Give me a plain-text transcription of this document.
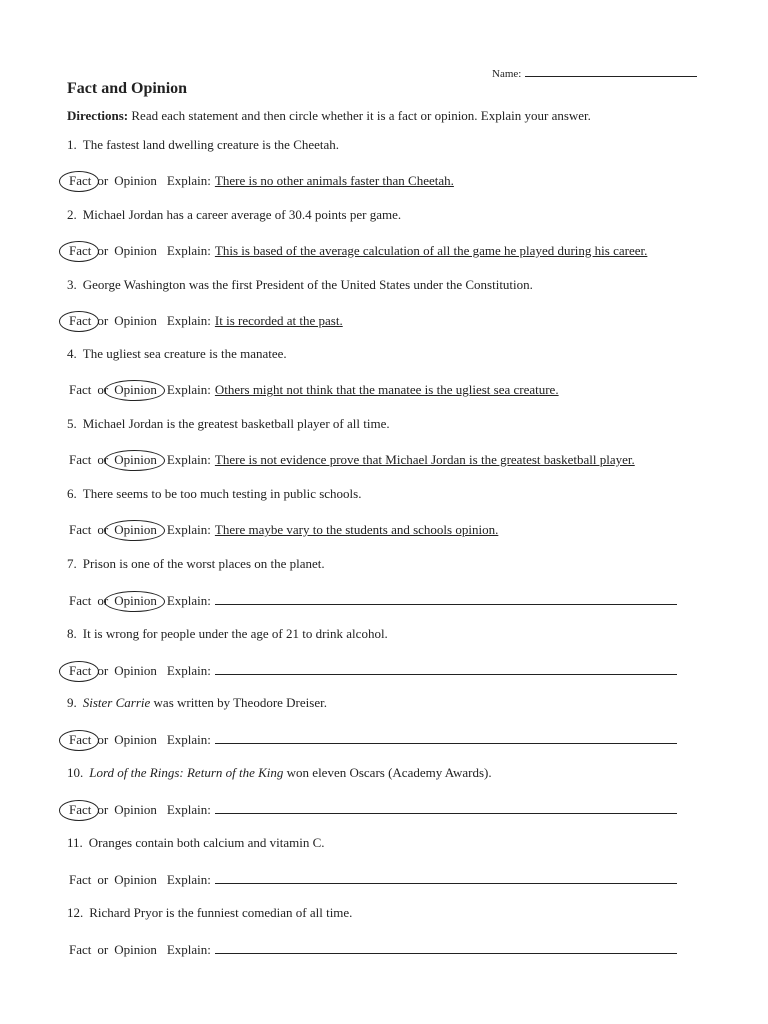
Name:
Fact and Opinion
Directions: Read each statement and then circle whether it is a fact or opinion. Explain your answer.
1. The fastest land dwelling creature is the Cheetah.
Fact or Opinion Explain: There is no other animals faster than Cheetah.
2. Michael Jordan has a career average of 30.4 points per game.
Fact or Opinion Explain: This is based of the average calculation of all the game he played during his career.
3. George Washington was the first President of the United States under the Constitution.
Fact or Opinion Explain: It is recorded at the past.
4. The ugliest sea creature is the manatee.
Fact or Opinion Explain: Others might not think that the manatee is the ugliest sea creature.
5. Michael Jordan is the greatest basketball player of all time.
Fact or Opinion Explain: There is not evidence prove that Michael Jordan is the greatest basketball player.
6. There seems to be too much testing in public schools.
Fact or Opinion Explain: There maybe vary to the students and schools opinion.
7. Prison is one of the worst places on the planet.
Fact or Opinion Explain:
8. It is wrong for people under the age of 21 to drink alcohol.
Fact or Opinion Explain:
9. Sister Carrie was written by Theodore Dreiser.
Fact or Opinion Explain:
10. Lord of the Rings: Return of the King won eleven Oscars (Academy Awards).
Fact or Opinion Explain:
11. Oranges contain both calcium and vitamin C.
Fact or Opinion Explain:
12. Richard Pryor is the funniest comedian of all time.
Fact or Opinion Explain:
